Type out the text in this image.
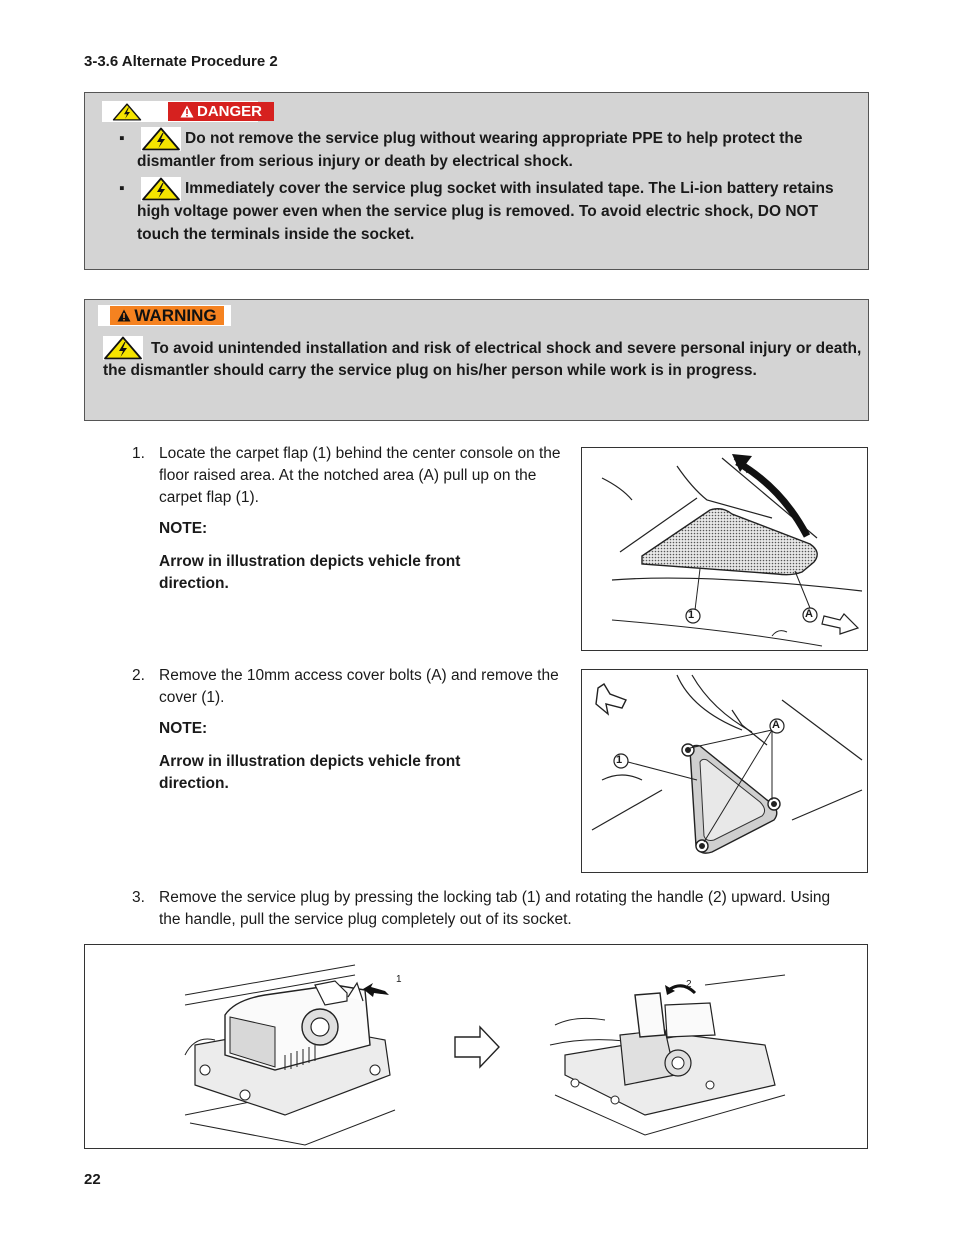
3-3.6 Alternate Procedure 2
DANGER
▪	Do not remove the service plug without wearing appropriate PPE to help protect the dismantler from serious injury or death by electrical shock.
▪	Immediately cover the service plug socket with insulated tape. The Li-ion battery retains high voltage power even when the service plug is removed. To avoid electric shock, DO NOT touch the terminals inside the socket.
WARNING
To avoid unintended installation and risk of electrical shock and severe personal injury or death, the dismantler should carry the service plug on his/her person while work is in progress.
1. Locate the carpet flap (1) behind the center console on the floor raised area. At the notched area (A) pull up on the carpet flap (1).
NOTE:
Arrow in illustration depicts vehicle front direction.
1	A
2. Remove the 10mm access cover bolts (A) and remove the cover (1).
NOTE:
Arrow in illustration depicts vehicle front direction.
1
A
3. Remove the service plug by pressing the locking tab (1) and rotating the handle (2) upward. Using the handle, pull the service plug completely out of its socket.
1	2
22
